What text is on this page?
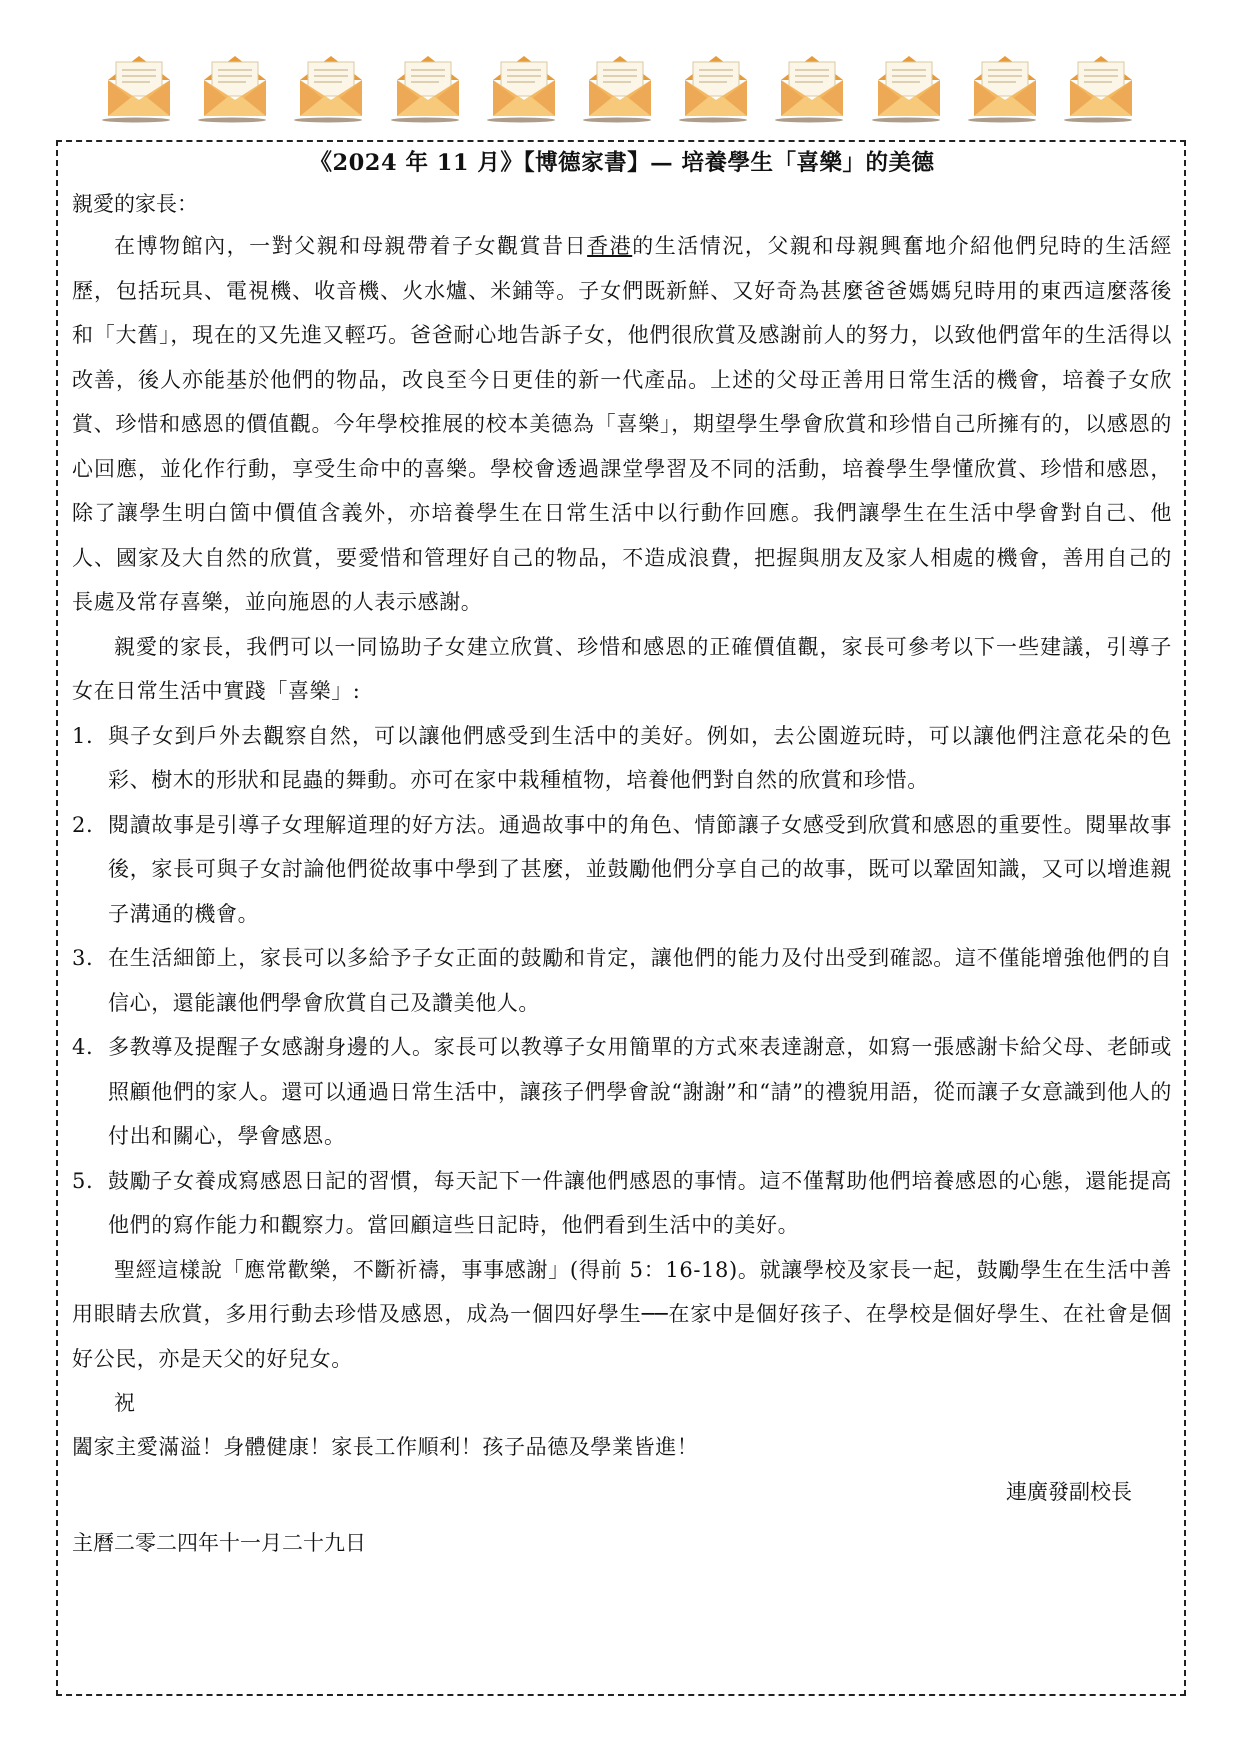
《2024 年 11 月》【博德家書】— 培養學生「喜樂」的美德

親愛的家長：

在博物館內，一對父親和母親帶着子女觀賞昔日香港的生活情況，父親和母親興奮地介紹他們兒時的生活經歷，包括玩具、電視機、收音機、火水爐、米鋪等。子女們既新鮮、又好奇為甚麼爸爸媽媽兒時用的東西這麼落後和「大舊」，現在的又先進又輕巧。爸爸耐心地告訴子女，他們很欣賞及感謝前人的努力，以致他們當年的生活得以改善，後人亦能基於他們的物品，改良至今日更佳的新一代產品。上述的父母正善用日常生活的機會，培養子女欣賞、珍惜和感恩的價值觀。今年學校推展的校本美德為「喜樂」，期望學生學會欣賞和珍惜自己所擁有的，以感恩的心回應，並化作行動，享受生命中的喜樂。學校會透過課堂學習及不同的活動，培養學生學懂欣賞、珍惜和感恩，除了讓學生明白箇中價值含義外，亦培養學生在日常生活中以行動作回應。我們讓學生在生活中學會對自己、他人、國家及大自然的欣賞，要愛惜和管理好自己的物品，不造成浪費，把握與朋友及家人相處的機會，善用自己的長處及常存喜樂，並向施恩的人表示感謝。

親愛的家長，我們可以一同協助子女建立欣賞、珍惜和感恩的正確價值觀，家長可參考以下一些建議，引導子女在日常生活中實踐「喜樂」:

1. 與子女到戶外去觀察自然，可以讓他們感受到生活中的美好。例如，去公園遊玩時，可以讓他們注意花朵的色彩、樹木的形狀和昆蟲的舞動。亦可在家中栽種植物，培養他們對自然的欣賞和珍惜。
2. 閱讀故事是引導子女理解道理的好方法。通過故事中的角色、情節讓子女感受到欣賞和感恩的重要性。閱畢故事後，家長可與子女討論他們從故事中學到了甚麼，並鼓勵他們分享自己的故事，既可以鞏固知識，又可以增進親子溝通的機會。
3. 在生活細節上，家長可以多給予子女正面的鼓勵和肯定，讓他們的能力及付出受到確認。這不僅能增強他們的自信心，還能讓他們學會欣賞自己及讚美他人。
4. 多教導及提醒子女感謝身邊的人。家長可以教導子女用簡單的方式來表達謝意，如寫一張感謝卡給父母、老師或照顧他們的家人。還可以通過日常生活中，讓孩子們學會說“謝謝”和“請”的禮貌用語，從而讓子女意識到他人的付出和關心，學會感恩。
5. 鼓勵子女養成寫感恩日記的習慣，每天記下一件讓他們感恩的事情。這不僅幫助他們培養感恩的心態，還能提高他們的寫作能力和觀察力。當回顧這些日記時，他們看到生活中的美好。

聖經這樣說「應常歡樂，不斷祈禱，事事感謝」(得前 5：16-18)。就讓學校及家長一起，鼓勵學生在生活中善用眼睛去欣賞，多用行動去珍惜及感恩，成為一個四好學生──在家中是個好孩子、在學校是個好學生、在社會是個好公民，亦是天父的好兒女。

祝

闔家主愛滿溢！身體健康！家長工作順利！孩子品德及學業皆進！

連廣發副校長

主曆二零二四年十一月二十九日
